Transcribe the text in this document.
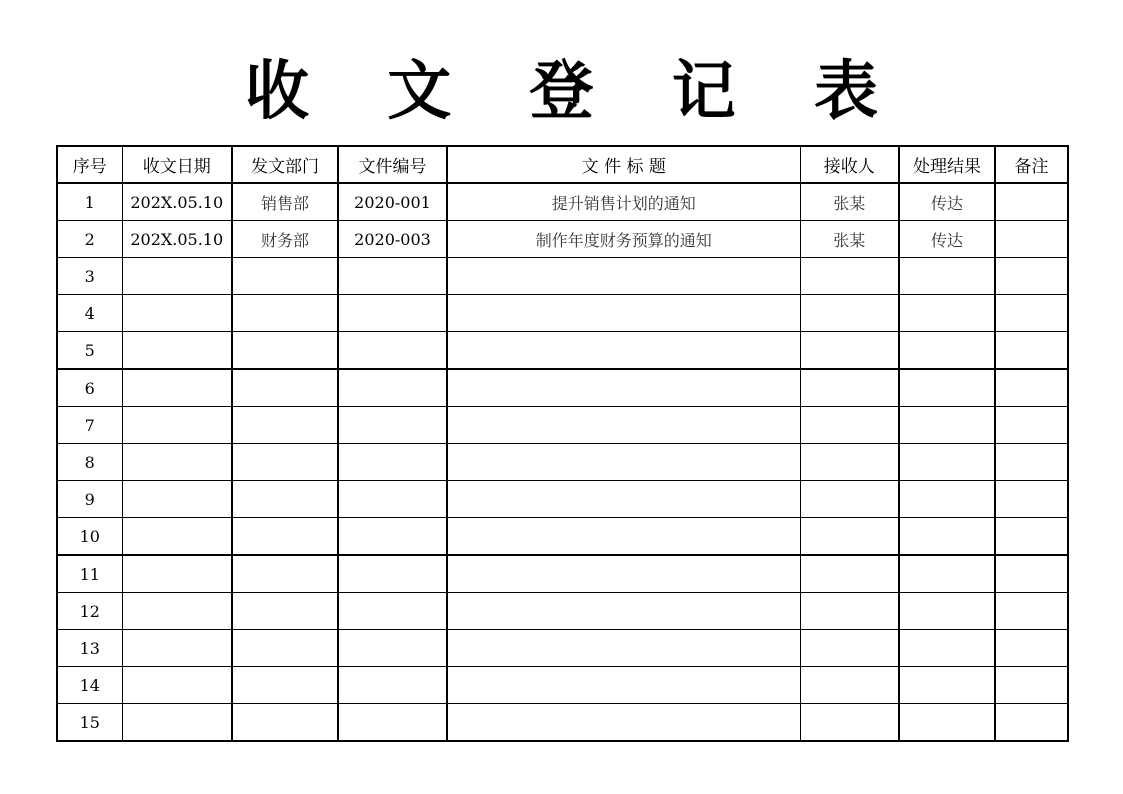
收 文 登 记 表
序号	收文日期	发文部门	文件编号	文 件 标 题	接收人	处理结果	备注
1	202X.05.10	销售部	2020-001	提升销售计划的通知	张某	传达	
2	202X.05.10	财务部	2020-003	制作年度财务预算的通知	张某	传达	
3							
4							
5							
6							
7							
8							
9							
10							
11							
12							
13							
14							
15							
